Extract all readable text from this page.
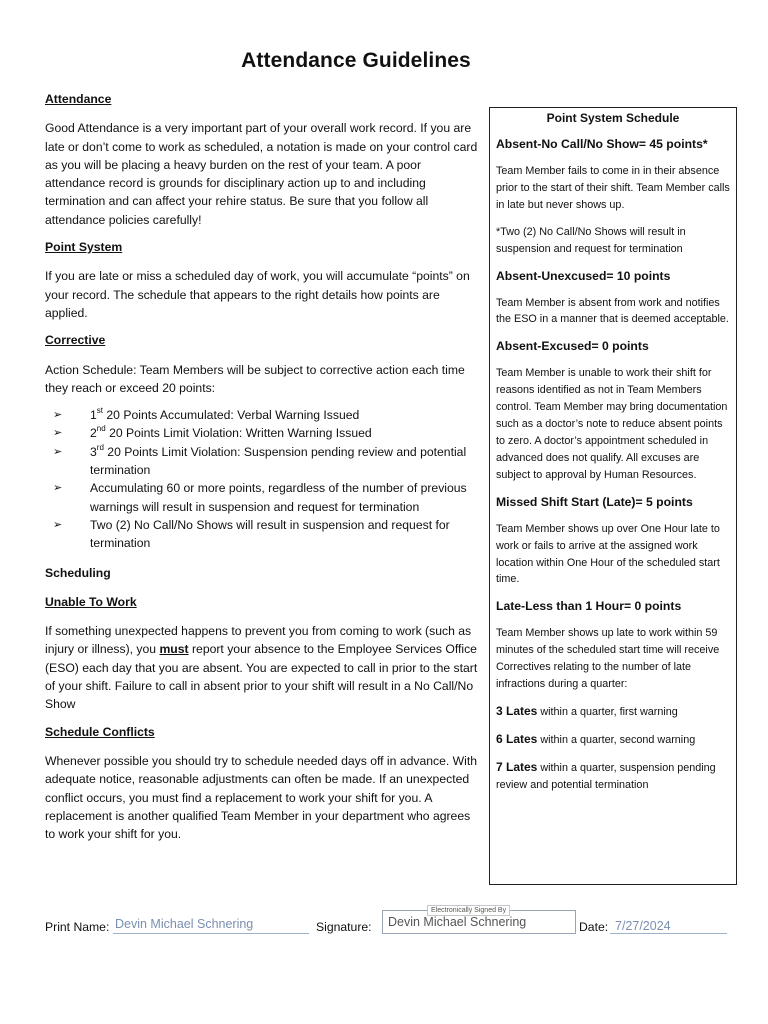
Attendance Guidelines

Attendance

Good Attendance is a very important part of your overall work record. If you are late or don’t come to work as scheduled, a notation is made on your control card as you will be placing a heavy burden on the rest of your team. A poor attendance record is grounds for disciplinary action up to and including termination and can affect your rehire status. Be sure that you follow all attendance policies carefully!

Point System

If you are late or miss a scheduled day of work, you will accumulate “points” on your record. The schedule that appears to the right details how points are applied.

Corrective

Action Schedule: Team Members will be subject to corrective action each time they reach or exceed 20 points:

➢ 1st 20 Points Accumulated: Verbal Warning Issued
➢ 2nd 20 Points Limit Violation: Written Warning Issued
➢ 3rd 20 Points Limit Violation: Suspension pending review and potential termination
➢ Accumulating 60 or more points, regardless of the number of previous warnings will result in suspension and request for termination
➢ Two (2) No Call/No Shows will result in suspension and request for termination

Scheduling

Unable To Work

If something unexpected happens to prevent you from coming to work (such as injury or illness), you must report your absence to the Employee Services Office (ESO) each day that you are absent. You are expected to call in prior to the start of your shift. Failure to call in absent prior to your shift will result in a No Call/No Show

Schedule Conflicts

Whenever possible you should try to schedule needed days off in advance. With adequate notice, reasonable adjustments can often be made. If an unexpected conflict occurs, you must find a replacement to work your shift for you. A replacement is another qualified Team Member in your department who agrees to work your shift for you.

Point System Schedule
Absent-No Call/No Show= 45 points*

Team Member fails to come in in their absence prior to the start of their shift. Team Member calls in late but never shows up.

*Two (2) No Call/No Shows will result in suspension and request for termination

Absent-Unexcused= 10 points

Team Member is absent from work and notifies the ESO in a manner that is deemed acceptable.

Absent-Excused= 0 points

Team Member is unable to work their shift for reasons identified as not in Team Members control. Team Member may bring documentation such as a doctor’s note to reduce absent points to zero. A doctor’s appointment scheduled in advanced does not qualify. All excuses are subject to approval by Human Resources.

Missed Shift Start (Late)= 5 points

Team Member shows up over One Hour late to work or fails to arrive at the assigned work location within One Hour of the scheduled start time.

Late-Less than 1 Hour= 0 points

Team Member shows up late to work within 59 minutes of the scheduled start time will receive Correctives relating to the number of late infractions during a quarter:

3 Lates within a quarter, first warning

6 Lates within a quarter, second warning

7 Lates within a quarter, suspension pending review and potential termination

Print Name: Devin Michael Schnering	Signature:
Electronically Signed By
Devin Michael Schnering	Date: 7/27/2024
